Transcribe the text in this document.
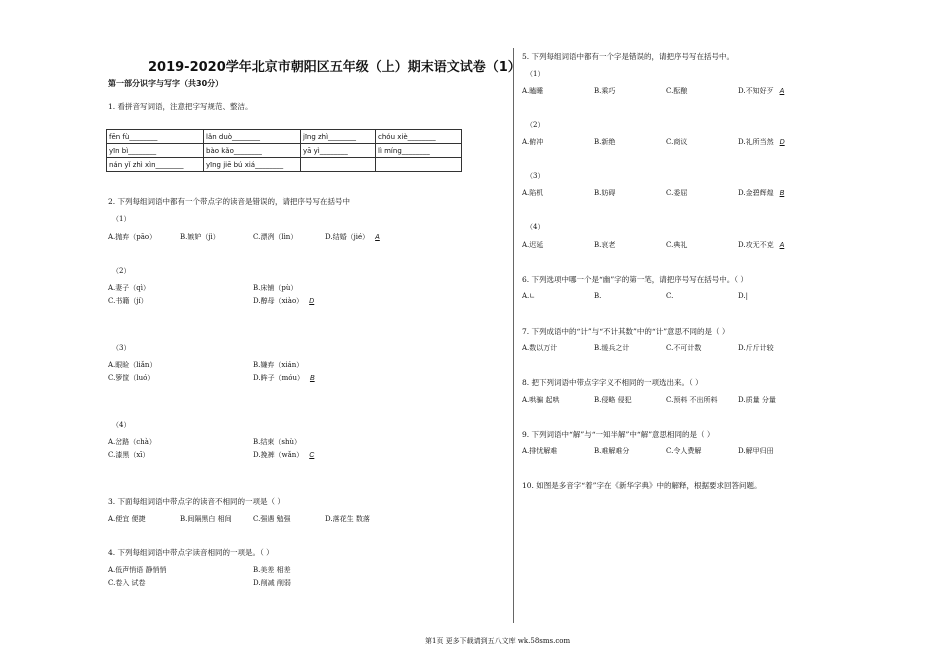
2019-2020学年北京市朝阳区五年级（上）期末语文试卷（1）
第一部分识字与写字（共30分）
1. 看拼音写词语，注意把字写规范、整洁。
fēn fù________	lǎn duò________	jīng zhì________	chóu xiè________
yīn bì________	bào kǎo________	yā yì________	lì míng________
nán yǐ zhì xìn________	yīng jiē bú xiá________		
2. 下列每组词语中都有一个带点字的读音是错误的，请把序号写在括号中
（1）
A.抛弃（pāo）	B.嫉妒（jì）	C.漂冽（lìn）	D.结婚（jié） A
（2）
A.妻子（qì）	B.床铺（pù）
C.书籍（jí）	D.醇母（xiào） D
（3）
A.眼睑（liǎn）	B.嫌弃（xián）
C.箩筐（luó）	D.眸子（móu） B
（4）
A.岔路（chà）	B.结束（shù）
C.漆黑（xī）	D.挽裤（wǎn） C
3. 下面每组词语中带点字的读音不相同的一项是（ ）
A.便宜 便捷	B.间隔黑白 相间	C.强遇 勉强	D.落花生 数落
4. 下列每组词语中带点字读音相同的一项是。（ ）
A.低声悄语 静悄悄	B.美差 相差
C.卷入 试卷	D.削减 削弱
5. 下列每组词语中都有一个字是错误的，请把序号写在括号中。
（1）
A.瞌睡	B.乘巧	C.酝酿	D.不知好歹 A
（2）
A.俯冲	B.新绝	C.商议	D.礼所当然 D
（3）
A.陷机	B.妨碍	C.委屈	D.金碧辉煌 B
（4）
A.迟延	B.哀老	C.典礼	D.攻无不克 A
6. 下列选项中哪一个是“幽”字的第一笔，请把序号写在括号中。（ ）
A.∟	B.	C.	D.|
7. 下列成语中的“计”与“不计其数”中的“计”意思不同的是（ ）
A.数以万计	B.缓兵之计	C.不可计数	D.斤斤计较
8. 把下列词语中带点字字义不相同的一项选出来。（ ）
A.哄骗 起哄	B.侵略 侵犯	C.预料 不出所料	D.质量 分量
9. 下列词语中“解”与“一知半解”中“解”意思相同的是（ ）
A.排忧解难	B.难解难分	C.令人费解	D.解甲归田
10. 如图是多音字“着”字在《新华字典》中的解释，根据要求回答问题。
第1页 更多下载请到五八文库 wk.58sms.com
